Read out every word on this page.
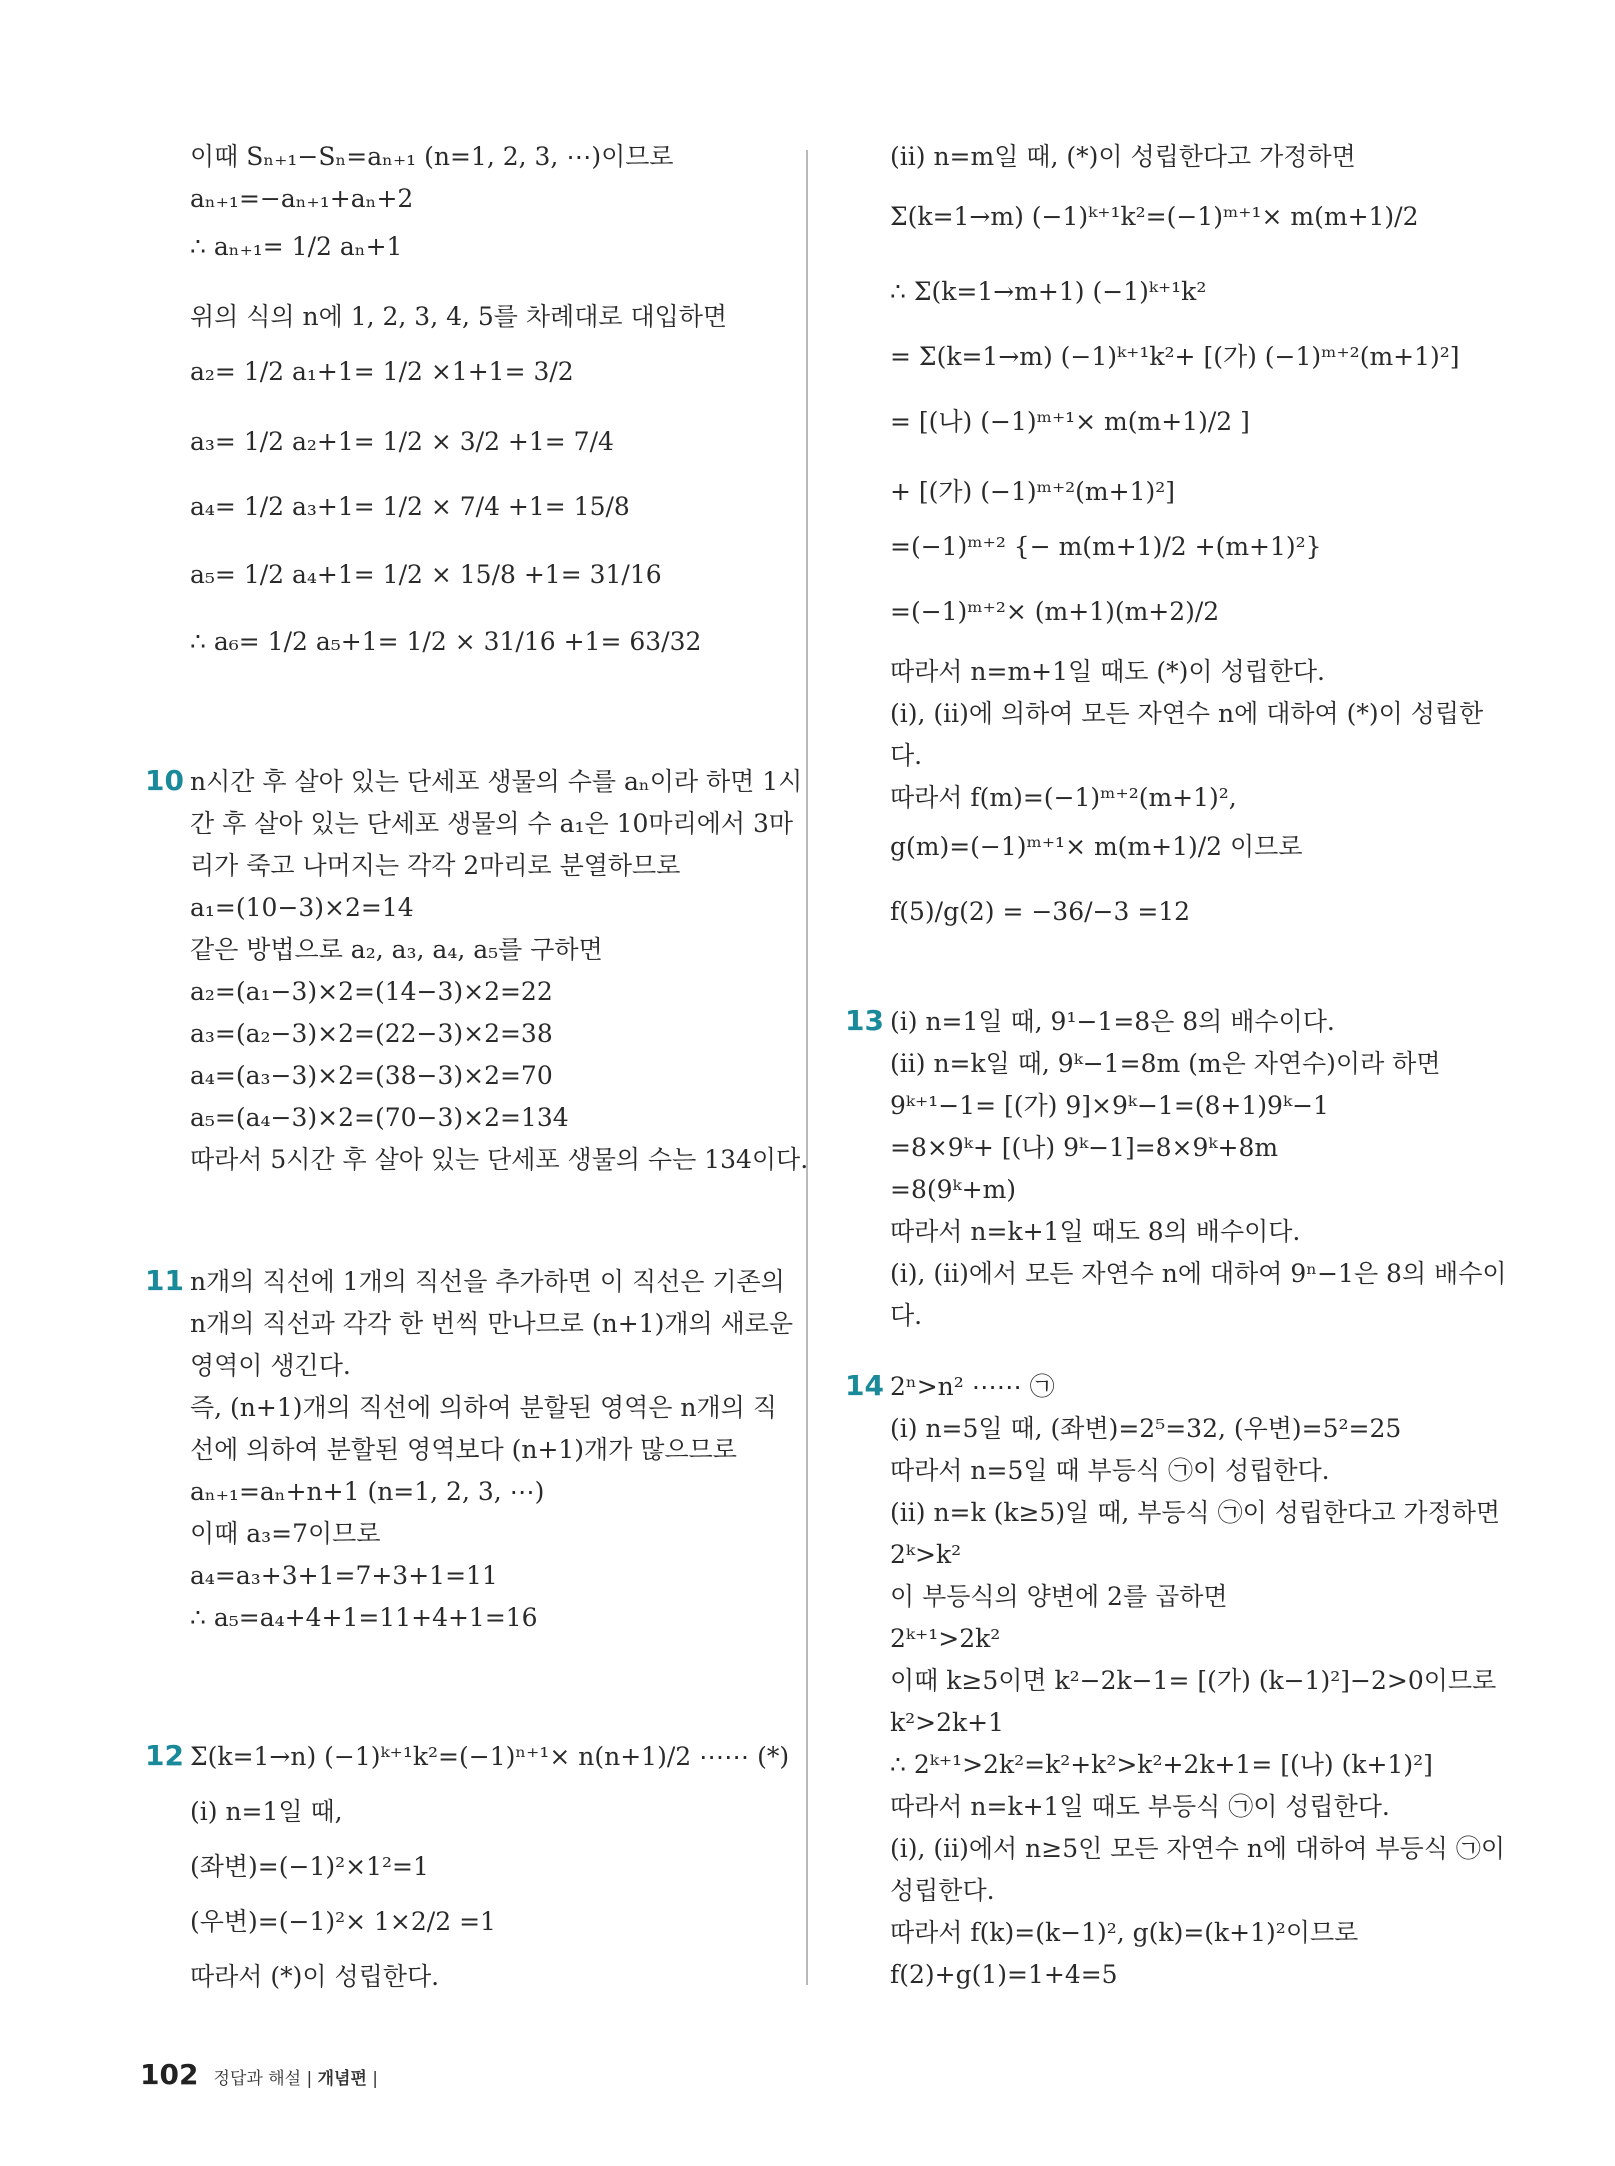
이때 Sₙ₊₁−Sₙ=aₙ₊₁ (n=1, 2, 3, ⋯)이므로
aₙ₊₁=−aₙ₊₁+aₙ+2
∴ aₙ₊₁= 1/2 aₙ+1
위의 식의 n에 1, 2, 3, 4, 5를 차례대로 대입하면
a₂= 1/2 a₁+1= 1/2 ×1+1= 3/2
a₃= 1/2 a₂+1= 1/2 × 3/2 +1= 7/4
a₄= 1/2 a₃+1= 1/2 × 7/4 +1= 15/8
a₅= 1/2 a₄+1= 1/2 × 15/8 +1= 31/16
∴ a₆= 1/2 a₅+1= 1/2 × 31/16 +1= 63/32
n시간 후 살아 있는 단세포 생물의 수를 aₙ이라 하면 1시
간 후 살아 있는 단세포 생물의 수 a₁은 10마리에서 3마
리가 죽고 나머지는 각각 2마리로 분열하므로
a₁=(10−3)×2=14
같은 방법으로 a₂, a₃, a₄, a₅를 구하면
a₂=(a₁−3)×2=(14−3)×2=22
a₃=(a₂−3)×2=(22−3)×2=38
a₄=(a₃−3)×2=(38−3)×2=70
a₅=(a₄−3)×2=(70−3)×2=134
따라서 5시간 후 살아 있는 단세포 생물의 수는 134이다.
n개의 직선에 1개의 직선을 추가하면 이 직선은 기존의
n개의 직선과 각각 한 번씩 만나므로 (n+1)개의 새로운
영역이 생긴다.
즉, (n+1)개의 직선에 의하여 분할된 영역은 n개의 직
선에 의하여 분할된 영역보다 (n+1)개가 많으므로
aₙ₊₁=aₙ+n+1 (n=1, 2, 3, ⋯)
이때 a₃=7이므로
a₄=a₃+3+1=7+3+1=11
∴ a₅=a₄+4+1=11+4+1=16
Σ(k=1→n) (−1)ᵏ⁺¹k²=(−1)ⁿ⁺¹× n(n+1)/2 ⋯⋯ (*)
(ⅰ) n=1일 때,
(좌변)=(−1)²×1²=1
(우변)=(−1)²× 1×2/2 =1
따라서 (*)이 성립한다.
10
11
12
(ⅱ) n=m일 때, (*)이 성립한다고 가정하면
Σ(k=1→m) (−1)ᵏ⁺¹k²=(−1)ᵐ⁺¹× m(m+1)/2
∴ Σ(k=1→m+1) (−1)ᵏ⁺¹k²
= Σ(k=1→m) (−1)ᵏ⁺¹k²+ [(가) (−1)ᵐ⁺²(m+1)²]
= [(나) (−1)ᵐ⁺¹× m(m+1)/2 ]
+ [(가) (−1)ᵐ⁺²(m+1)²]
=(−1)ᵐ⁺² {− m(m+1)/2 +(m+1)²}
=(−1)ᵐ⁺²× (m+1)(m+2)/2
따라서 n=m+1일 때도 (*)이 성립한다.
(ⅰ), (ⅱ)에 의하여 모든 자연수 n에 대하여 (*)이 성립한
다.
따라서 f(m)=(−1)ᵐ⁺²(m+1)²,
g(m)=(−1)ᵐ⁺¹× m(m+1)/2 이므로
f(5)/g(2) = −36/−3 =12
(ⅰ) n=1일 때, 9¹−1=8은 8의 배수이다.
(ⅱ) n=k일 때, 9ᵏ−1=8m (m은 자연수)이라 하면
9ᵏ⁺¹−1= [(가) 9]×9ᵏ−1=(8+1)9ᵏ−1
=8×9ᵏ+ [(나) 9ᵏ−1]=8×9ᵏ+8m
=8(9ᵏ+m)
따라서 n=k+1일 때도 8의 배수이다.
(ⅰ), (ⅱ)에서 모든 자연수 n에 대하여 9ⁿ−1은 8의 배수이
다.
2ⁿ>n² ⋯⋯ ㉠
(ⅰ) n=5일 때, (좌변)=2⁵=32, (우변)=5²=25
따라서 n=5일 때 부등식 ㉠이 성립한다.
(ⅱ) n=k (k≥5)일 때, 부등식 ㉠이 성립한다고 가정하면
2ᵏ>k²
이 부등식의 양변에 2를 곱하면
2ᵏ⁺¹>2k²
이때 k≥5이면 k²−2k−1= [(가) (k−1)²]−2>0이므로
k²>2k+1
∴ 2ᵏ⁺¹>2k²=k²+k²>k²+2k+1= [(나) (k+1)²]
따라서 n=k+1일 때도 부등식 ㉠이 성립한다.
(ⅰ), (ⅱ)에서 n≥5인 모든 자연수 n에 대하여 부등식 ㉠이
성립한다.
따라서 f(k)=(k−1)², g(k)=(k+1)²이므로
f(2)+g(1)=1+4=5
13
14
102 정답과 해설 | 개념편 |
